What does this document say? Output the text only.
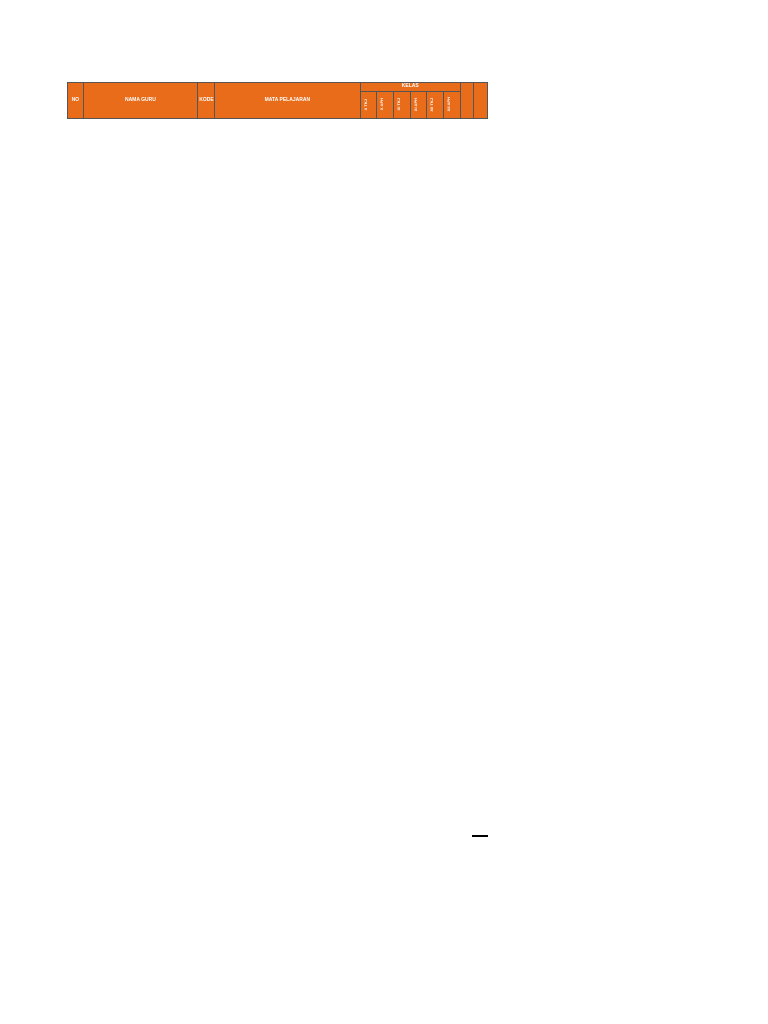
NO	NAMA GURU	KODE	MATA PELAJARAN	KELAS							

				X TKJ	X APH	XI TKJ	XI APH	XII TKJ	XII APH		
